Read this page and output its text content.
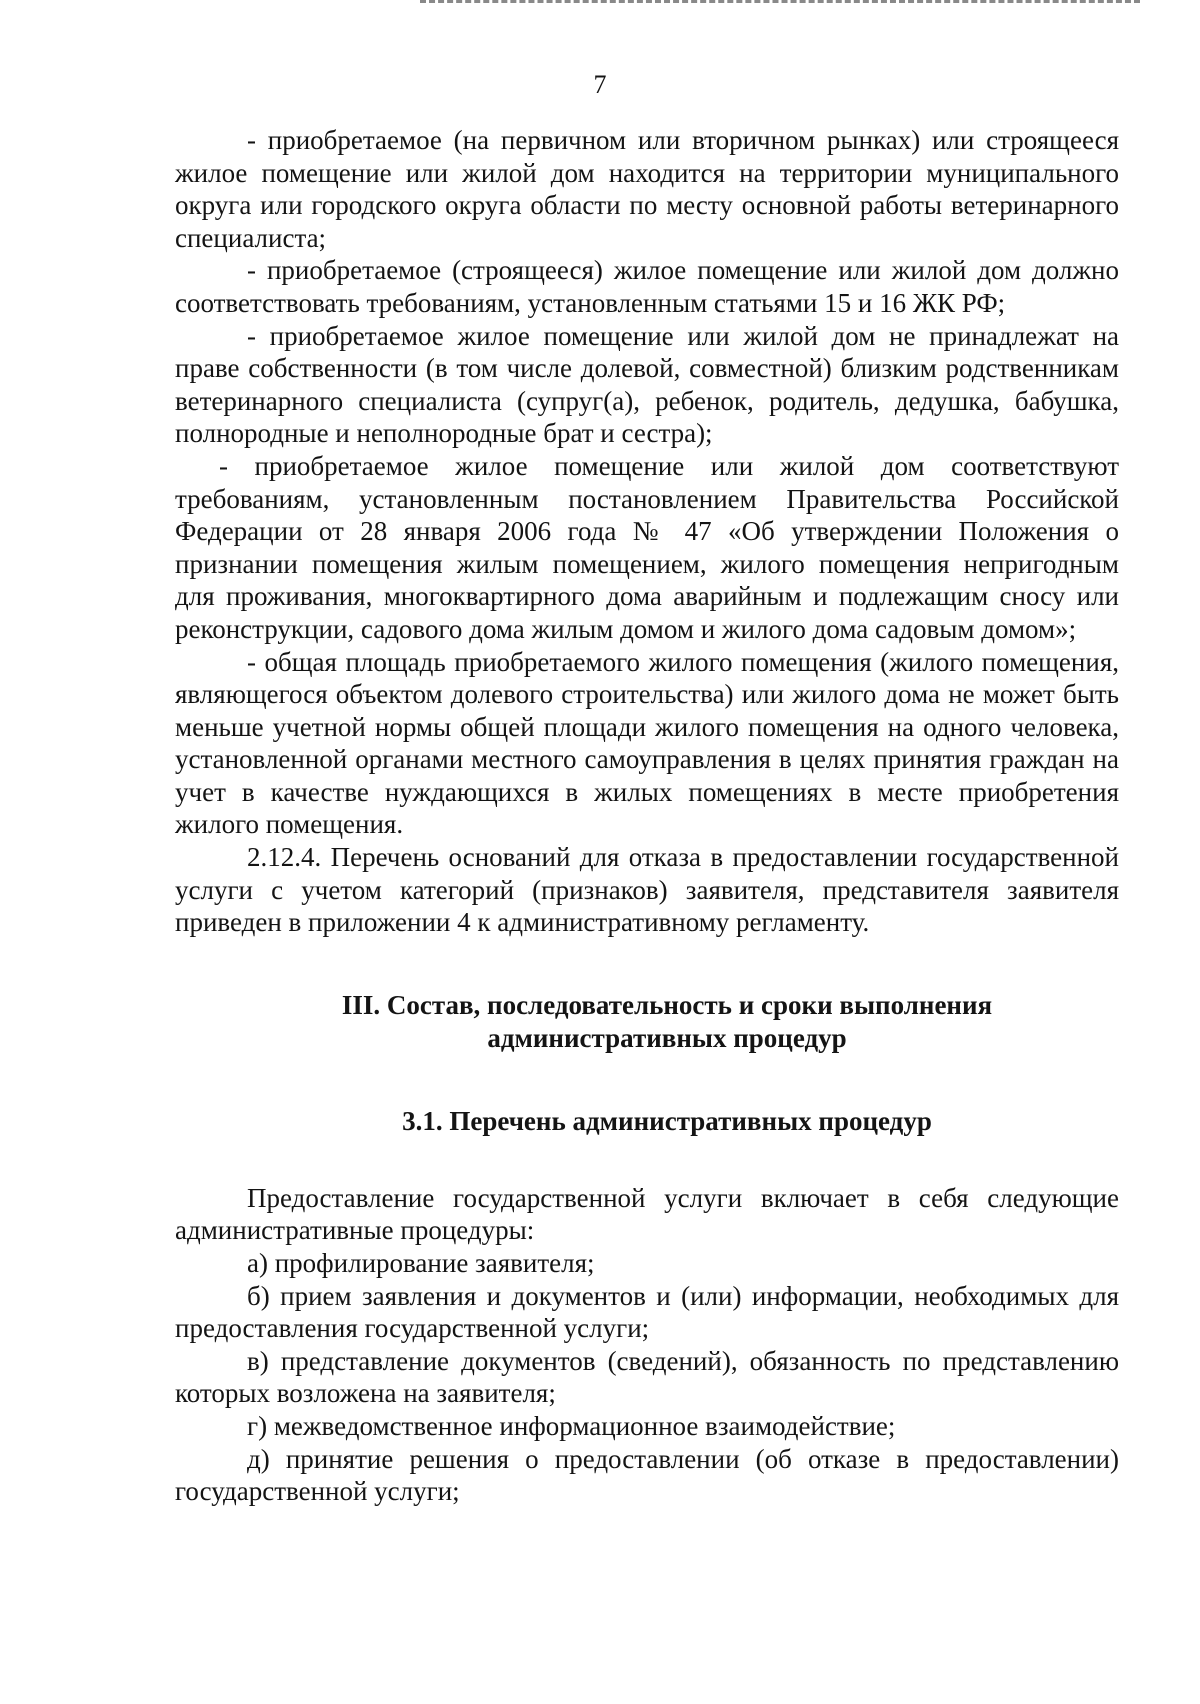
7

- приобретаемое (на первичном или вторичном рынках) или строящееся жилое помещение или жилой дом находится на территории муниципального округа или городского округа области по месту основной работы ветеринарного специалиста;

- приобретаемое (строящееся) жилое помещение или жилой дом должно соответствовать требованиям, установленным статьями 15 и 16 ЖК РФ;

- приобретаемое жилое помещение или жилой дом не принадлежат на праве собственности (в том числе долевой, совместной) близким родственникам ветеринарного специалиста (супруг(а), ребенок, родитель, дедушка, бабушка, полнородные и неполнородные брат и сестра);

- приобретаемое жилое помещение или жилой дом соответствуют требованиям, установленным постановлением Правительства Российской Федерации от 28 января 2006 года № 47 «Об утверждении Положения о признании помещения жилым помещением, жилого помещения непригодным для проживания, многоквартирного дома аварийным и подлежащим сносу или реконструкции, садового дома жилым домом и жилого дома садовым домом»;

- общая площадь приобретаемого жилого помещения (жилого помещения, являющегося объектом долевого строительства) или жилого дома не может быть меньше учетной нормы общей площади жилого помещения на одного человека, установленной органами местного самоуправления в целях принятия граждан на учет в качестве нуждающихся в жилых помещениях в месте приобретения жилого помещения.

2.12.4. Перечень оснований для отказа в предоставлении государственной услуги с учетом категорий (признаков) заявителя, представителя заявителя приведен в приложении 4 к административному регламенту.

III. Состав, последовательность и сроки выполнения
административных процедур
3.1. Перечень административных процедур

Предоставление государственной услуги включает в себя следующие административные процедуры:

а) профилирование заявителя;

б) прием заявления и документов и (или) информации, необходимых для предоставления государственной услуги;

в) представление документов (сведений), обязанность по представлению которых возложена на заявителя;

г) межведомственное информационное взаимодействие;

д) принятие решения о предоставлении (об отказе в предоставлении) государственной услуги;
